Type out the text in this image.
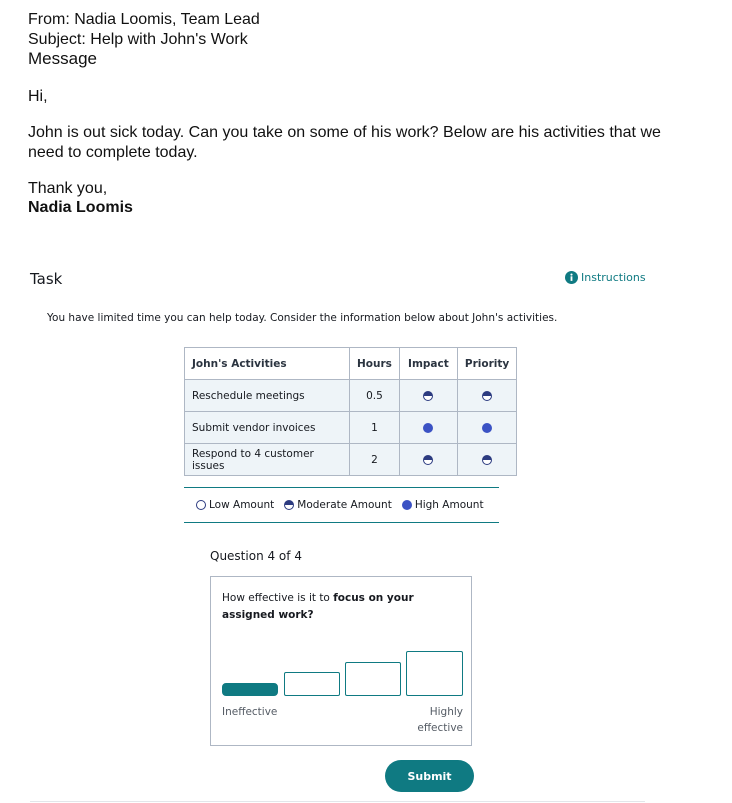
From: Nadia Loomis, Team Lead
Subject: Help with John's Work
Message
Hi,
John is out sick today. Can you take on some of his work? Below are his activities that we need to complete today.
Thank you,
Nadia Loomis
Task	Instructions
You have limited time you can help today. Consider the information below about John's activities.
John's Activities	Hours	Impact	Priority
Reschedule meetings	0.5		
Submit vendor invoices	1		
Respond to 4 customer issues	2		
Low Amount Moderate Amount High Amount
Question 4 of 4
How effective is it to focus on your assigned work?
Ineffective	Highly effective
Submit
